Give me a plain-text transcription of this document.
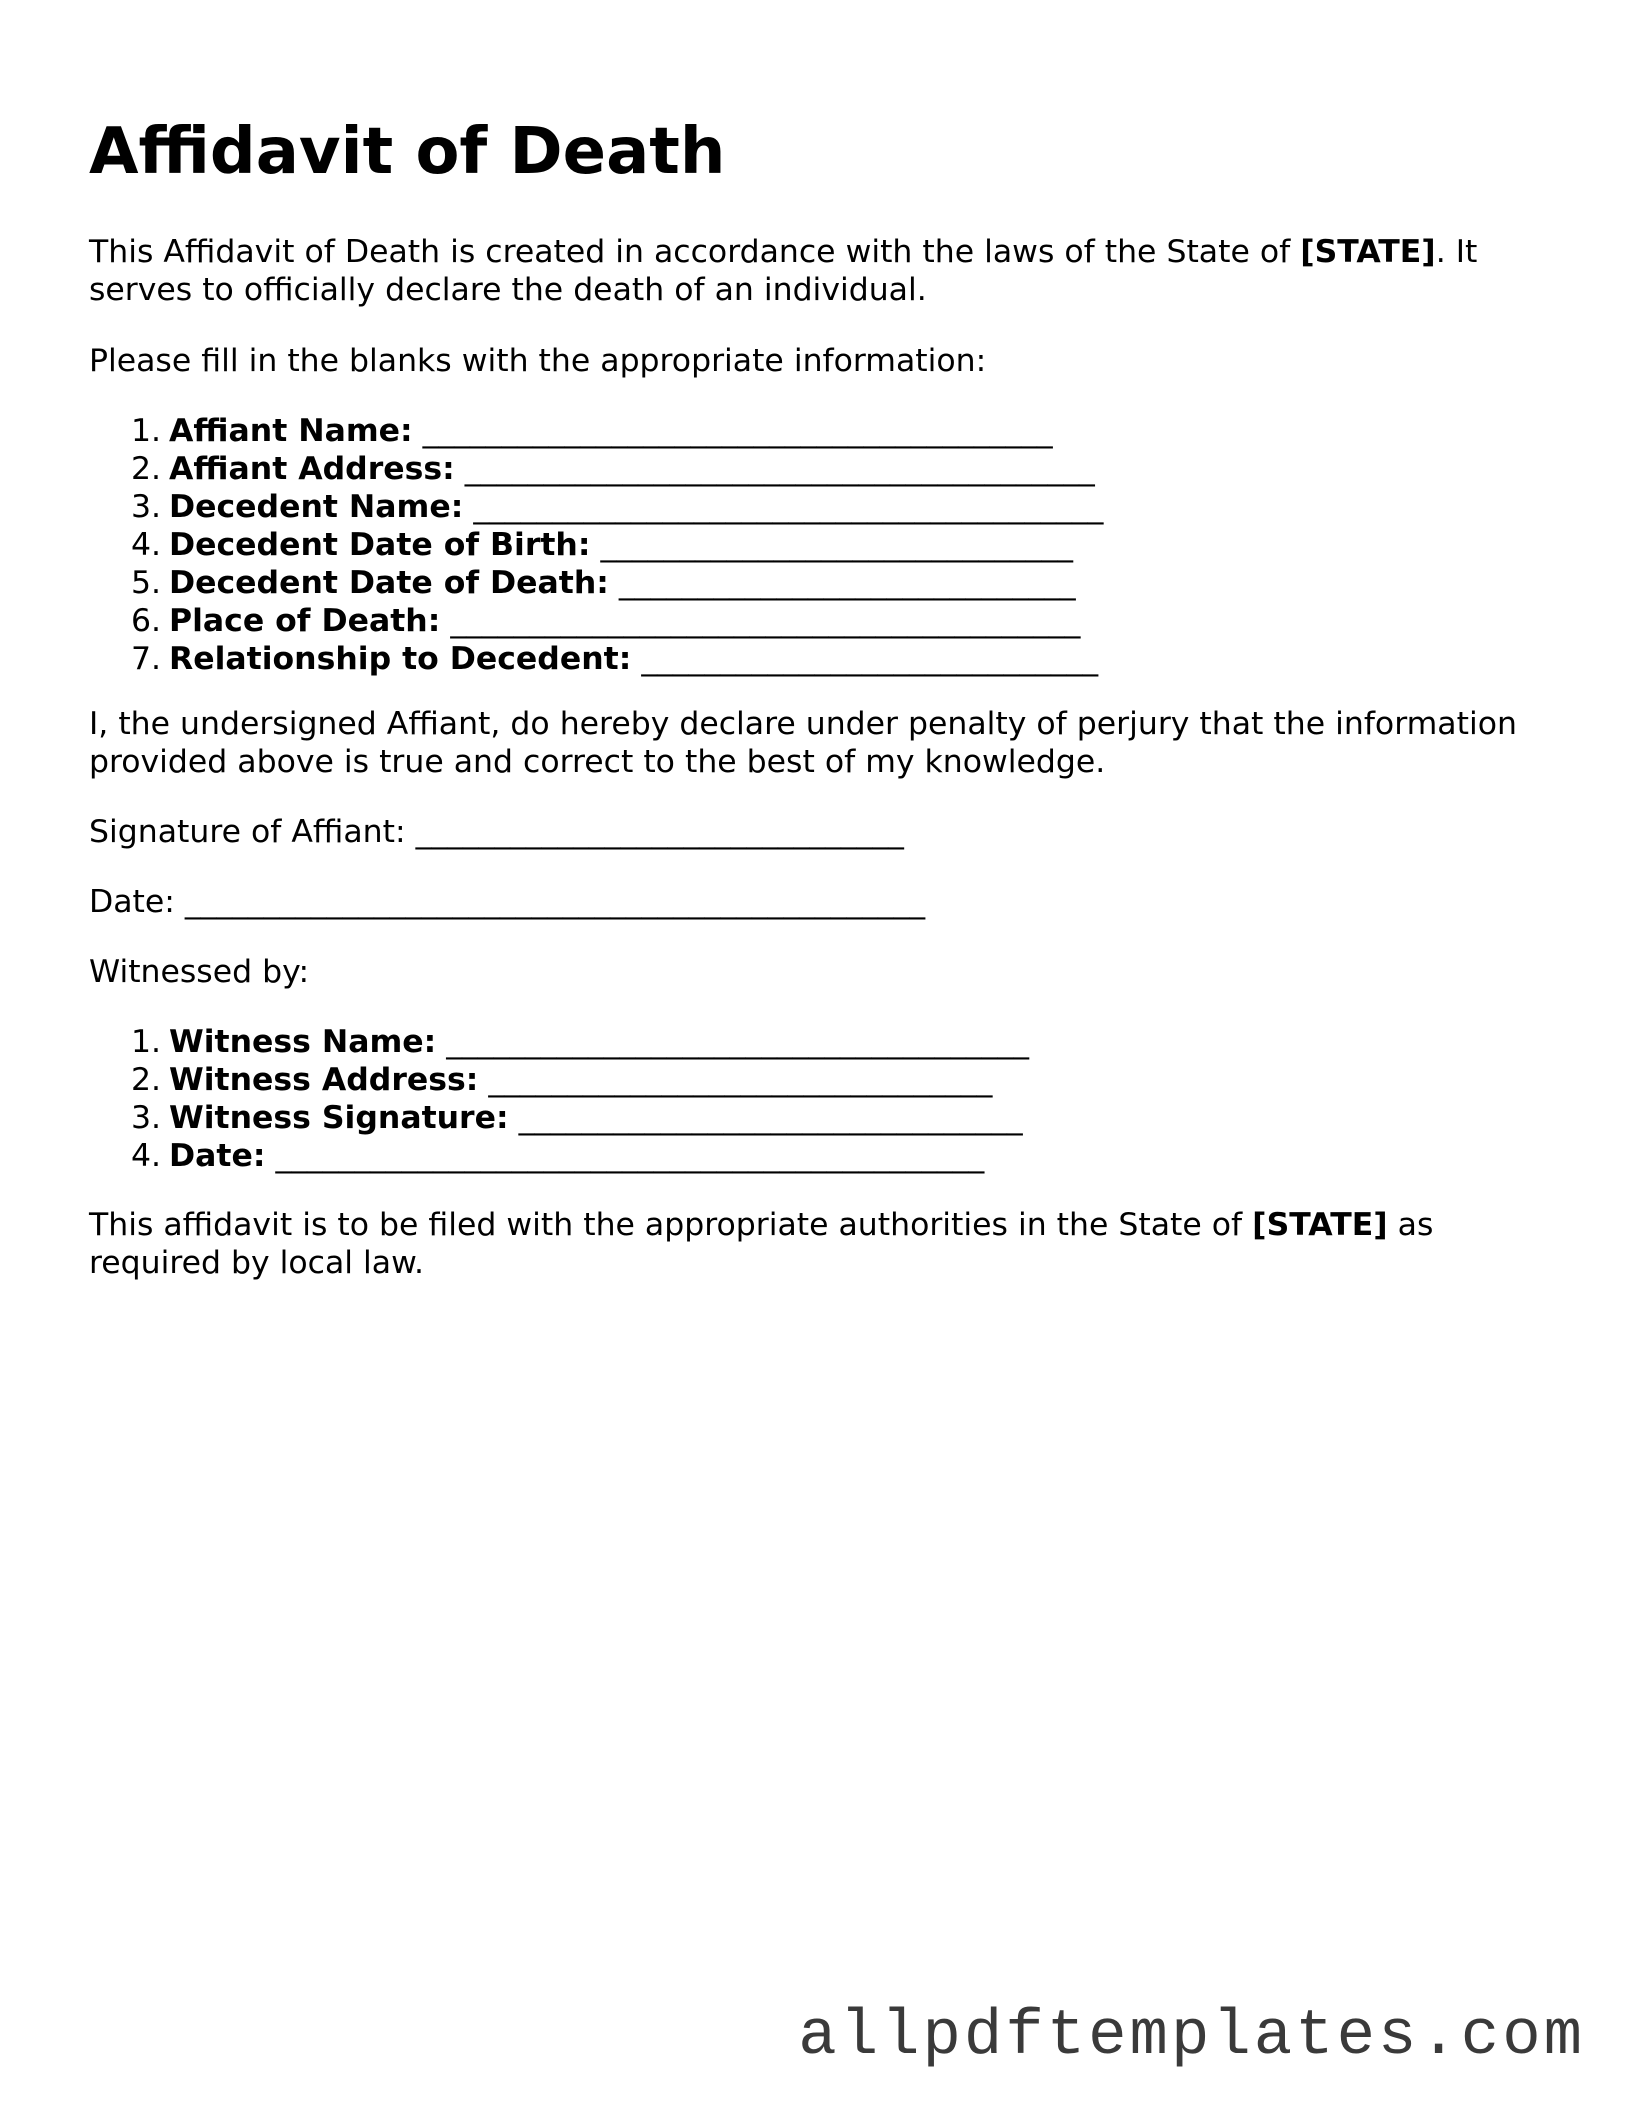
Affidavit of Death

This Affidavit of Death is created in accordance with the laws of the State of [STATE]. It serves to officially declare the death of an individual.

Please fill in the blanks with the appropriate information:

1. Affiant Name: ________________________________________
2. Affiant Address: ________________________________________
3. Decedent Name: ________________________________________
4. Decedent Date of Birth: ______________________________
5. Decedent Date of Death: _____________________________
6. Place of Death: ________________________________________
7. Relationship to Decedent: _____________________________

I, the undersigned Affiant, do hereby declare under penalty of perjury that the information provided above is true and correct to the best of my knowledge.

Signature of Affiant: _______________________________

Date: _______________________________________________

Witnessed by:

1. Witness Name: _____________________________________
2. Witness Address: ________________________________
3. Witness Signature: ________________________________
4. Date: _____________________________________________

This affidavit is to be filed with the appropriate authorities in the State of [STATE] as required by local law.

allpdftemplates.com
